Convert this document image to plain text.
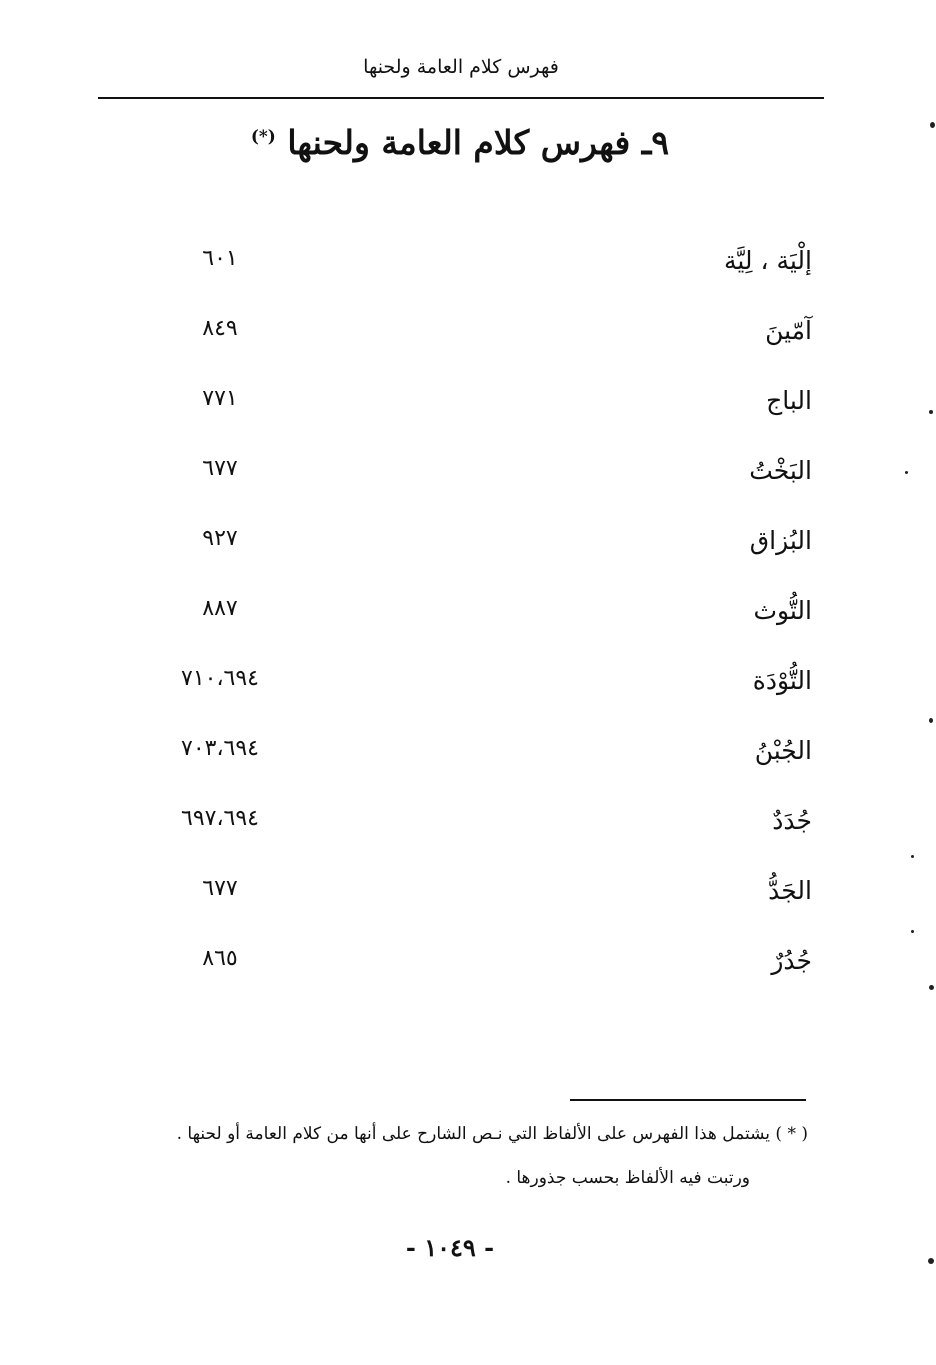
فهرس كلام العامة ولحنها
٩ـ فهرس كلام العامة ولحنها (*)
إلْيَة ، لِيَّة
٦٠١
آمّينَ
٨٤٩
الباج
٧٧١
البَخْتُ
٦٧٧
البُزاق
٩٢٧
التُّوث
٨٨٧
التُّوْدَة
٧١٠،٦٩٤
الجُبْنُ
٧٠٣،٦٩٤
جُدَدٌ
٦٩٧،٦٩٤
الجَدُّ
٦٧٧
جُدُرٌ
٨٦٥

( * ) يشتمل هذا الفهرس على الألفاظ التي نـص الشارح على أنها من كلام العامة أو لحنها .

ورتبت فيه الألفاظ بحسب جذورها .

- ١٠٤٩ -
